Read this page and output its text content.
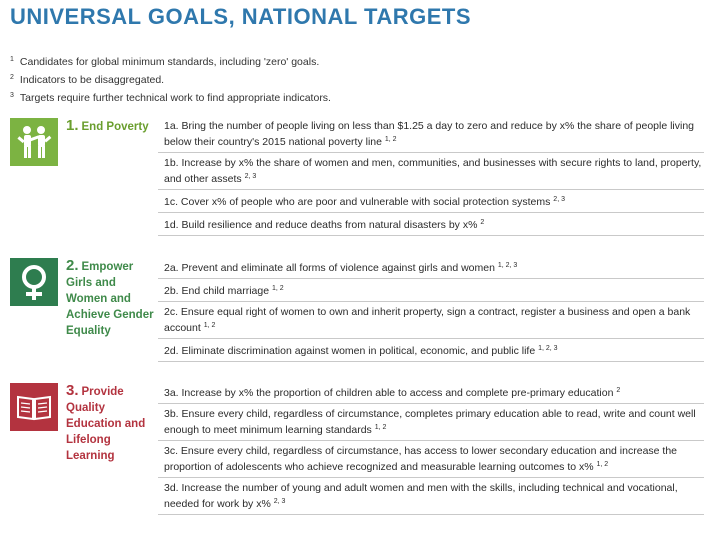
UNIVERSAL GOALS, NATIONAL TARGETS
$^1$ Candidates for global minimum standards, including 'zero' goals.
$^2$ Indicators to be disaggregated.
$^3$ Targets require further technical work to find appropriate indicators.
1. End Poverty	1a. Bring the number of people living on less than $1.25 a day to zero and reduce by x% the share of people living below their country's 2015 national poverty line $^{1, 2}$
1b. Increase by x% the share of women and men, communities, and businesses with secure rights to land, property, and other assets $^{2, 3}$
1c. Cover x% of people who are poor and vulnerable with social protection systems $^{2, 3}$
1d. Build resilience and reduce deaths from natural disasters by x% $^2$
2. Empower Girls and Women and Achieve Gender Equality
2a. Prevent and eliminate all forms of violence against girls and women $^{1, 2, 3}$
2b. End child marriage $^{1, 2}$
2c. Ensure equal right of women to own and inherit property, sign a contract, register a business and open a bank account $^{1, 2}$
2d. Eliminate discrimination against women in political, economic, and public life $^{1, 2, 3}$
3. Provide Quality Education and Lifelong Learning
3a. Increase by x% the proportion of children able to access and complete pre-primary education $^2$
3b. Ensure every child, regardless of circumstance, completes primary education able to read, write and count well enough to meet minimum learning standards $^{1, 2}$
3c. Ensure every child, regardless of circumstance, has access to lower secondary education and increase the proportion of adolescents who achieve recognized and measurable learning outcomes to x% $^{1, 2}$
3d. Increase the number of young and adult women and men with the skills, including technical and vocational, needed for work by x% $^{2, 3}$
